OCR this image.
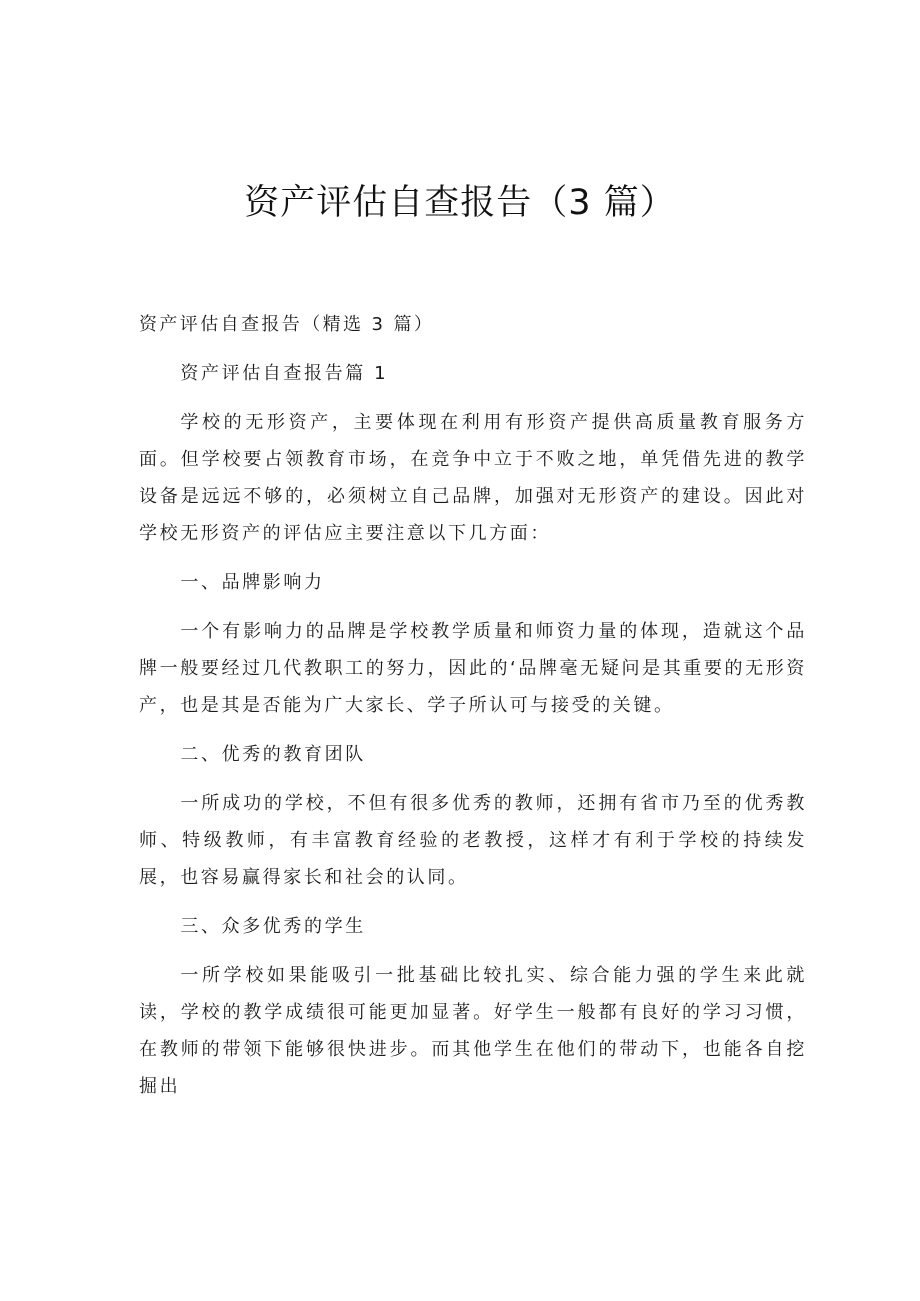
资产评估自查报告（3 篇）

资产评估自查报告（精选 3 篇）

资产评估自查报告篇 1

学校的无形资产，主要体现在利用有形资产提供高质量教育服务方面。但学校要占领教育市场，在竞争中立于不败之地，单凭借先进的教学设备是远远不够的，必须树立自己品牌，加强对无形资产的建设。因此对学校无形资产的评估应主要注意以下几方面：

一、品牌影响力

一个有影响力的品牌是学校教学质量和师资力量的体现，造就这个品牌一般要经过几代教职工的努力，因此的‘品牌毫无疑问是其重要的无形资产，也是其是否能为广大家长、学子所认可与接受的关键。

二、优秀的教育团队

一所成功的学校，不但有很多优秀的教师，还拥有省市乃至的优秀教师、特级教师，有丰富教育经验的老教授，这样才有利于学校的持续发展，也容易赢得家长和社会的认同。

三、众多优秀的学生

一所学校如果能吸引一批基础比较扎实、综合能力强的学生来此就读，学校的教学成绩很可能更加显著。好学生一般都有良好的学习习惯，在教师的带领下能够很快进步。而其他学生在他们的带动下，也能各自挖掘出
